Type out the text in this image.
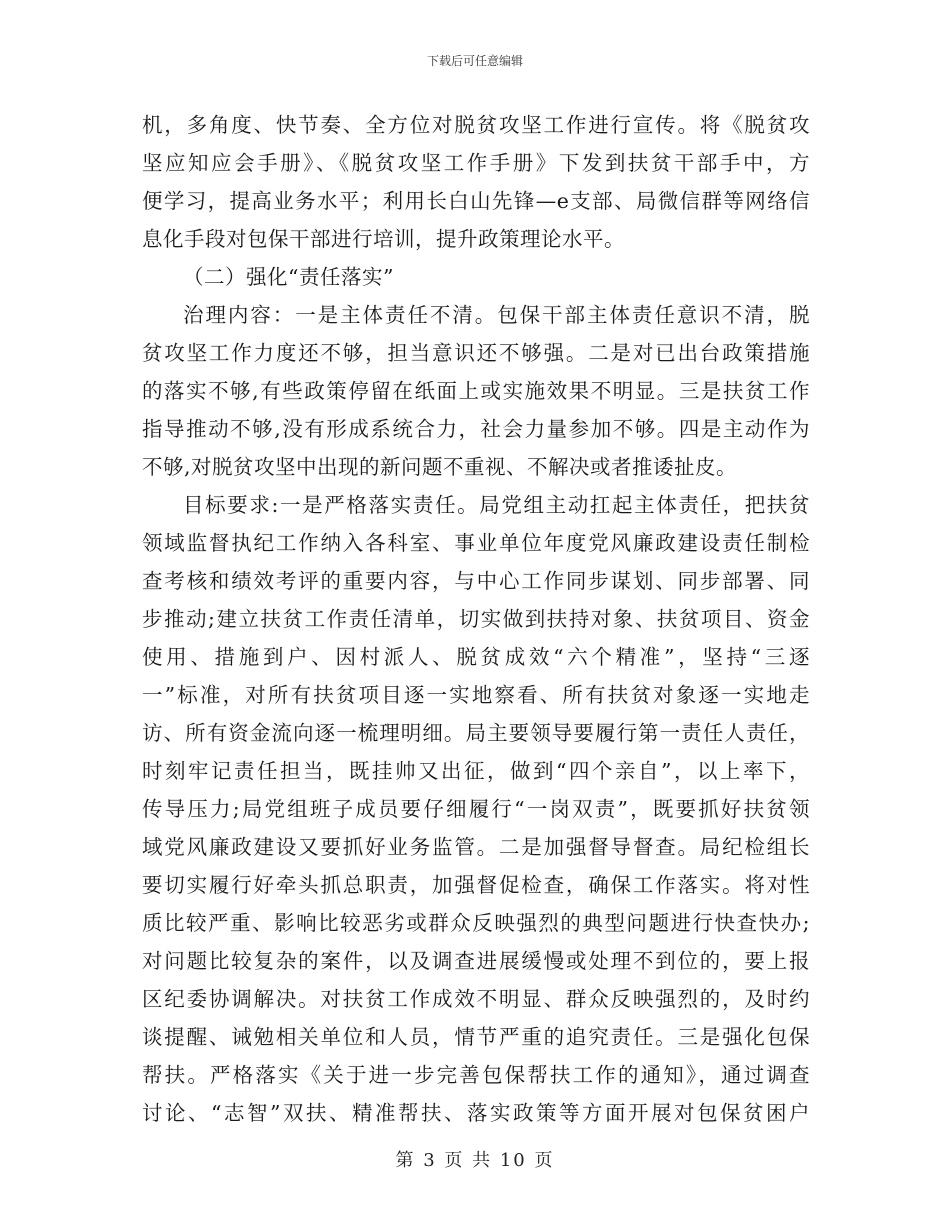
下载后可任意编辑
机，多角度、快节奏、全方位对脱贫攻坚工作进行宣传。将《脱贫攻
坚应知应会手册》、《脱贫攻坚工作手册》下发到扶贫干部手中，方
便学习，提高业务水平；利用长白山先锋—e支部、局微信群等网络信
息化手段对包保干部进行培训，提升政策理论水平。
（二）强化“责任落实”
治理内容：一是主体责任不清。包保干部主体责任意识不清，脱
贫攻坚工作力度还不够，担当意识还不够强。二是对已出台政策措施
的落实不够,有些政策停留在纸面上或实施效果不明显。三是扶贫工作
指导推动不够,没有形成系统合力，社会力量参加不够。四是主动作为
不够,对脱贫攻坚中出现的新问题不重视、不解决或者推诿扯皮。
目标要求:一是严格落实责任。局党组主动扛起主体责任，把扶贫
领域监督执纪工作纳入各科室、事业单位年度党风廉政建设责任制检
查考核和绩效考评的重要内容，与中心工作同步谋划、同步部署、同
步推动;建立扶贫工作责任清单，切实做到扶持对象、扶贫项目、资金
使用、措施到户、因村派人、脱贫成效“六个精准”，坚持“三逐
一”标准，对所有扶贫项目逐一实地察看、所有扶贫对象逐一实地走
访、所有资金流向逐一梳理明细。局主要领导要履行第一责任人责任，
时刻牢记责任担当，既挂帅又出征，做到“四个亲自”，以上率下，
传导压力;局党组班子成员要仔细履行“一岗双责”，既要抓好扶贫领
域党风廉政建设又要抓好业务监管。二是加强督导督查。局纪检组长
要切实履行好牵头抓总职责，加强督促检查，确保工作落实。将对性
质比较严重、影响比较恶劣或群众反映强烈的典型问题进行快查快办;
对问题比较复杂的案件，以及调查进展缓慢或处理不到位的，要上报
区纪委协调解决。对扶贫工作成效不明显、群众反映强烈的，及时约
谈提醒、诫勉相关单位和人员，情节严重的追究责任。三是强化包保
帮扶。严格落实《关于进一步完善包保帮扶工作的通知》，通过调查
讨论、“志智”双扶、精准帮扶、落实政策等方面开展对包保贫困户
第 3 页 共 10 页
